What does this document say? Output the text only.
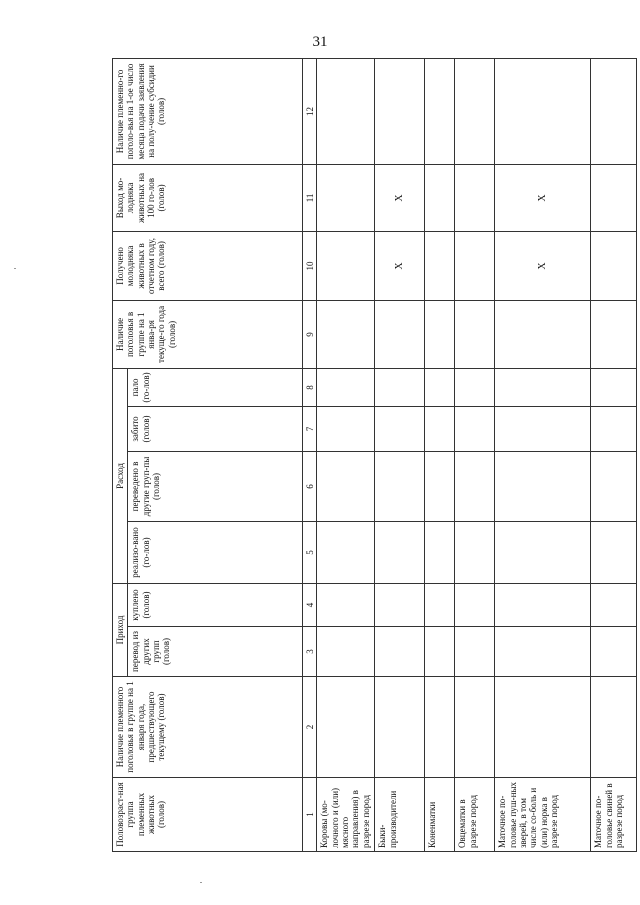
31
Половозраст-ная группа племенных животных (голов)	Наличие племенного поголовья в группе на 1 января года, предшествующего текущему (голов)	Приход		Расход				Наличие поголовья в группе на 1 янва-ря текуще-го года (голов)	Получено молодняка животных в отчетном году, всего (голов)	Выход мо-лодняка животных на 100 го-лов (голов)	Наличие племенно-го поголо-вья на 1-ое число месяца подачи заявления на полу-чение субсидии (голов)
		перевод из других групп (голов)	куплено (голов)	реализо-вано (го-лов)	переведено в другие груп-пы (голов)	забито (голов)	пало (го-лов)				
1	2	3	4	5	6	7	8	9	10	11	12
Коровы (мо-лочного и (или) мясного направления) в разрезе пород											
Быки-производители									X	X	
Коненматки											
Овцематки в разрезе пород											
Маточное по-головье пуш-ных зверей, в том числе со-боль и (или) норка в разрезе пород									X	X	
Маточное по-головье свиней в разрезе пород											
